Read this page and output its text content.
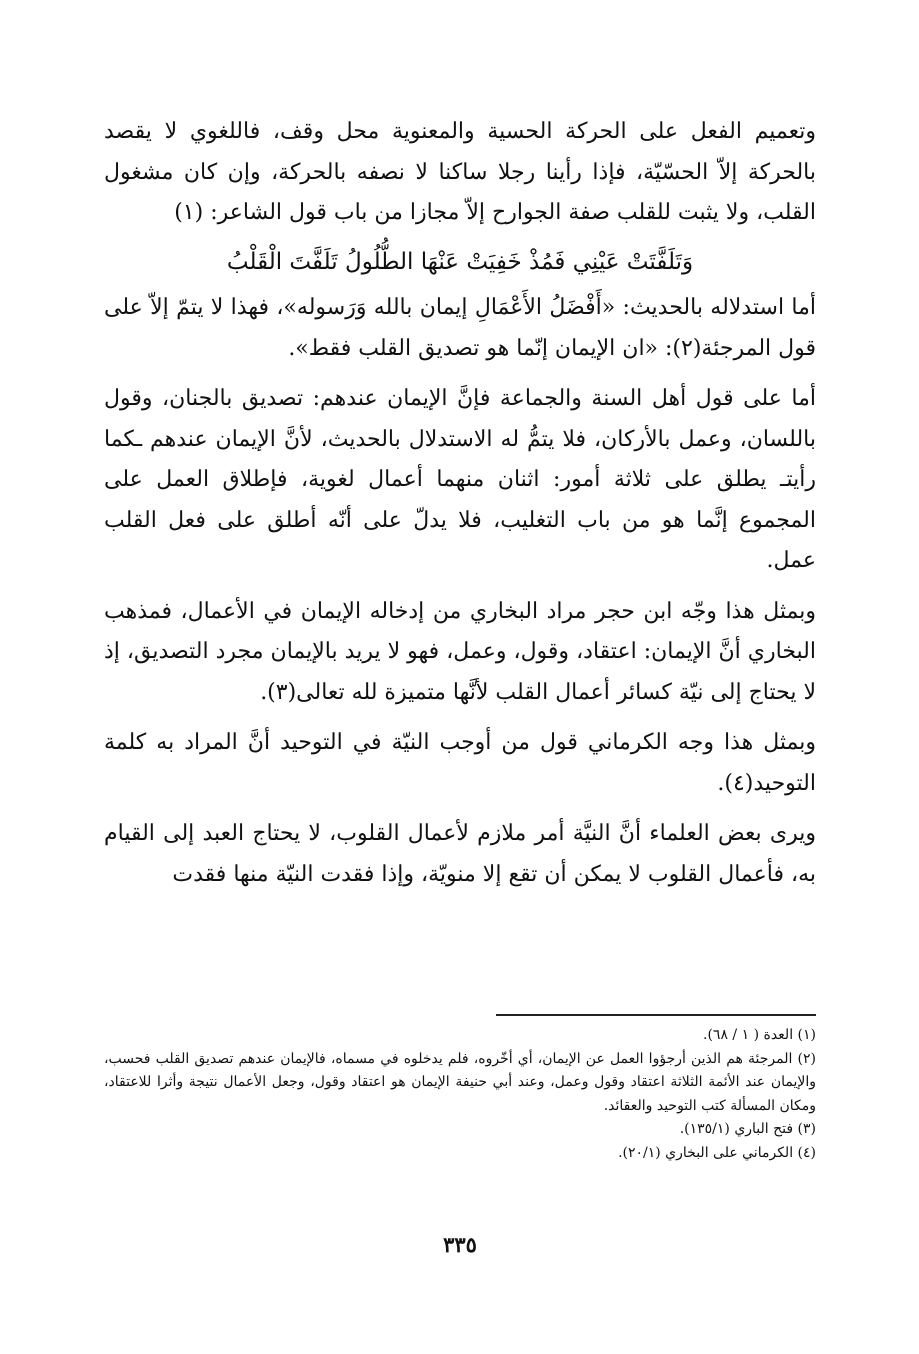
وتعميم الفعل على الحركة الحسية والمعنوية محل وقف، فاللغوي لا يقصد بالحركة إلاّ الحسّيّة، فإذا رأينا رجلا ساكنا لا نصفه بالحركة، وإن كان مشغول القلب، ولا يثبت للقلب صفة الجوارح إلاّ مجازا من باب قول الشاعر: (١)

وَتَلَفَّتَتْ عَيْنِي فَمُذْ خَفِيَتْ عَنْهَا الطُّلُولُ تَلَفَّتَ الْقَلْبُ

أما استدلاله بالحديث: «أَفْضَلُ الأَعْمَالِ إيمان بالله وَرَسوله»، فهذا لا يتمّ إلاّ على قول المرجئة(٢): «ان الإيمان إنّما هو تصديق القلب فقط».

أما على قول أهل السنة والجماعة فإنَّ الإيمان عندهم: تصديق بالجنان، وقول باللسان، وعمل بالأركان، فلا يتمُّ له الاستدلال بالحديث، لأنَّ الإيمان عندهم ـكما رأيتـ يطلق على ثلاثة أمور: اثنان منهما أعمال لغوية، فإطلاق العمل على المجموع إنَّما هو من باب التغليب، فلا يدلّ على أنّه أطلق على فعل القلب عمل.

وبمثل هذا وجّه ابن حجر مراد البخاري من إدخاله الإيمان في الأعمال، فمذهب البخاري أنَّ الإيمان: اعتقاد، وقول، وعمل، فهو لا يريد بالإيمان مجرد التصديق، إذ لا يحتاج إلى نيّة كسائر أعمال القلب لأنَّها متميزة لله تعالى(٣).

وبمثل هذا وجه الكرماني قول من أوجب النيّة في التوحيد أنَّ المراد به كلمة التوحيد(٤).

ويرى بعض العلماء أنَّ النيَّة أمر ملازم لأعمال القلوب، لا يحتاج العبد إلى القيام به، فأعمال القلوب لا يمكن أن تقع إلا منويّة، وإذا فقدت النيّة منها فقدت

(١) العدة ( ١ / ٦٨).

(٢) المرجئة هم الذين أرجؤوا العمل عن الإيمان، أي أخّروه، فلم يدخلوه في مسماه، فالإيمان عندهم تصديق القلب فحسب، والإيمان عند الأئمة الثلاثة اعتقاد وقول وعمل، وعند أبي حنيفة الإيمان هو اعتقاد وقول، وجعل الأعمال نتيجة وأثرا للاعتقاد، ومكان المسألة كتب التوحيد والعقائد.

(٣) فتح الباري (١٣٥/١).

(٤) الكرماني على البخاري (٢٠/١).

٣٣٥
